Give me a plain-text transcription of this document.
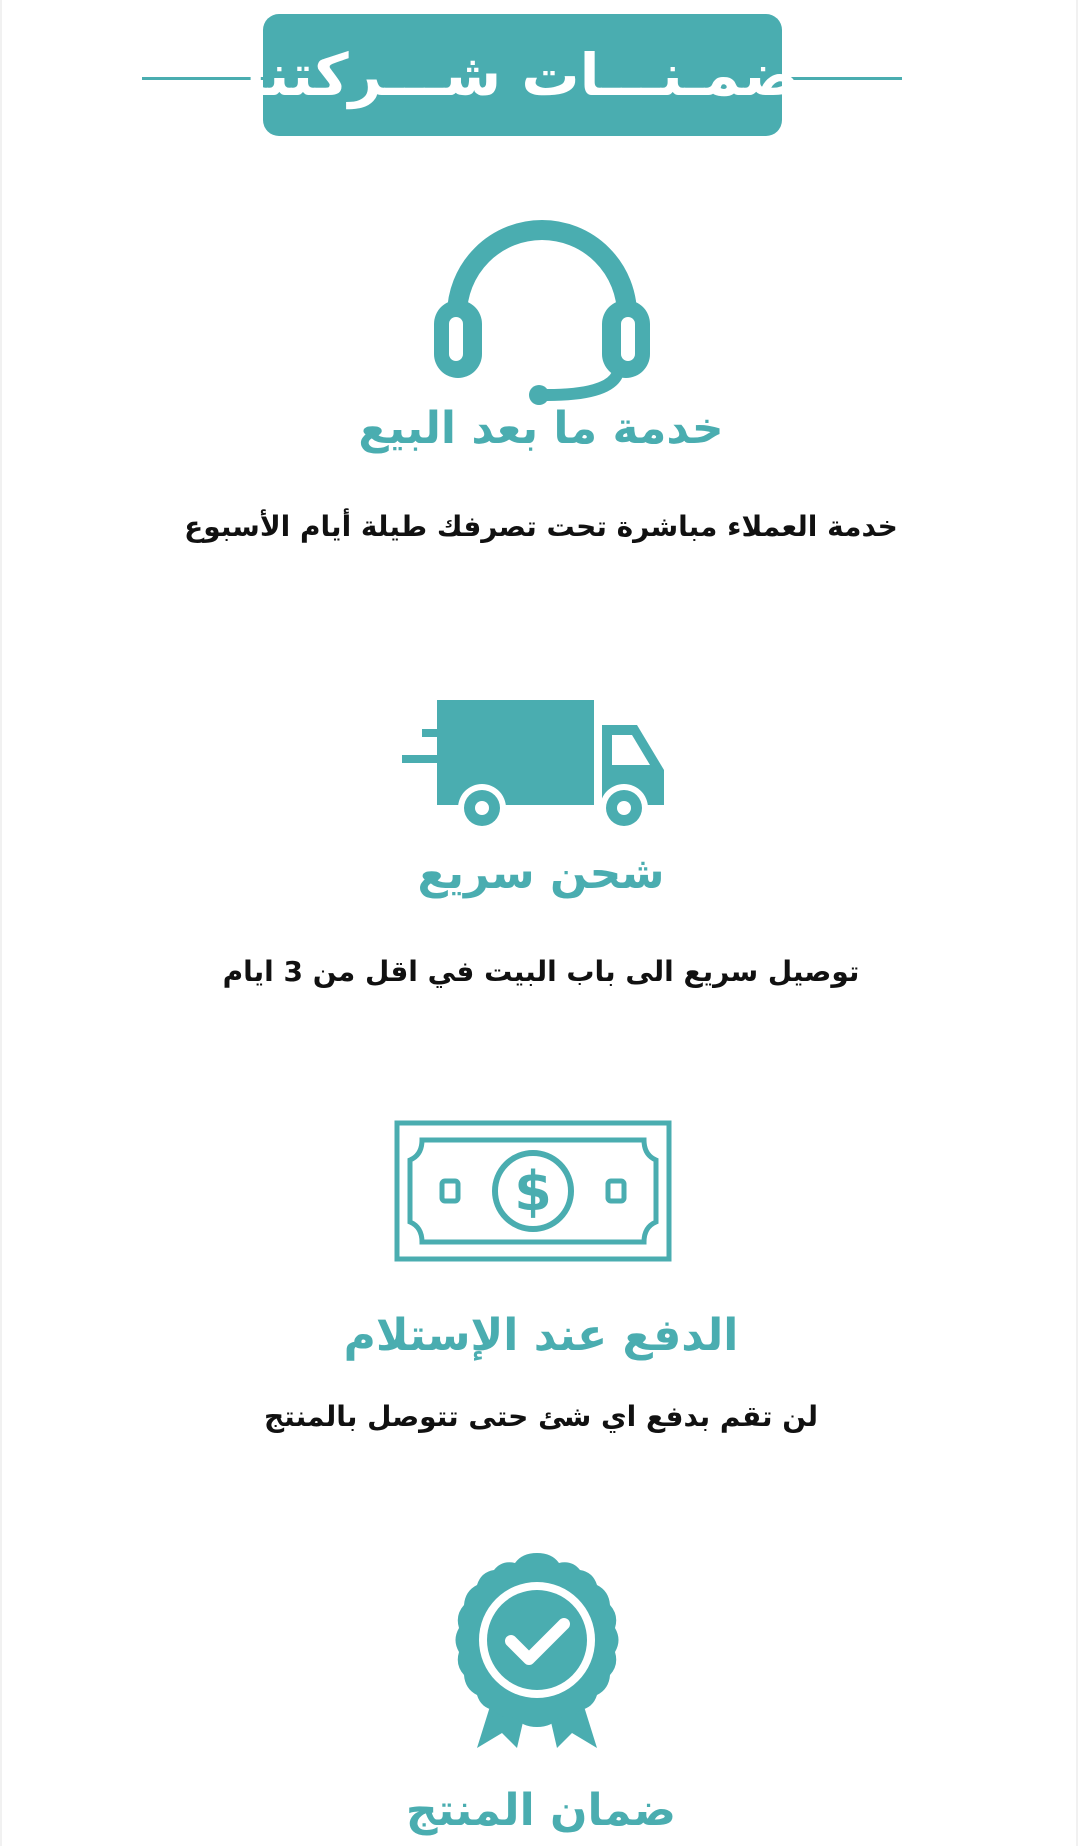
ضمـنـــات شـــركتنا
خدمة ما بعد البيع
خدمة العملاء مباشرة تحت تصرفك طيلة أيام الأسبوع
شحن سريع
توصيل سريع الى باب البيت في اقل من 3 ايام
$
الدفع عند الإستلام
لن تقم بدفع اي شئ حتى تتوصل بالمنتج
ضمان المنتج
